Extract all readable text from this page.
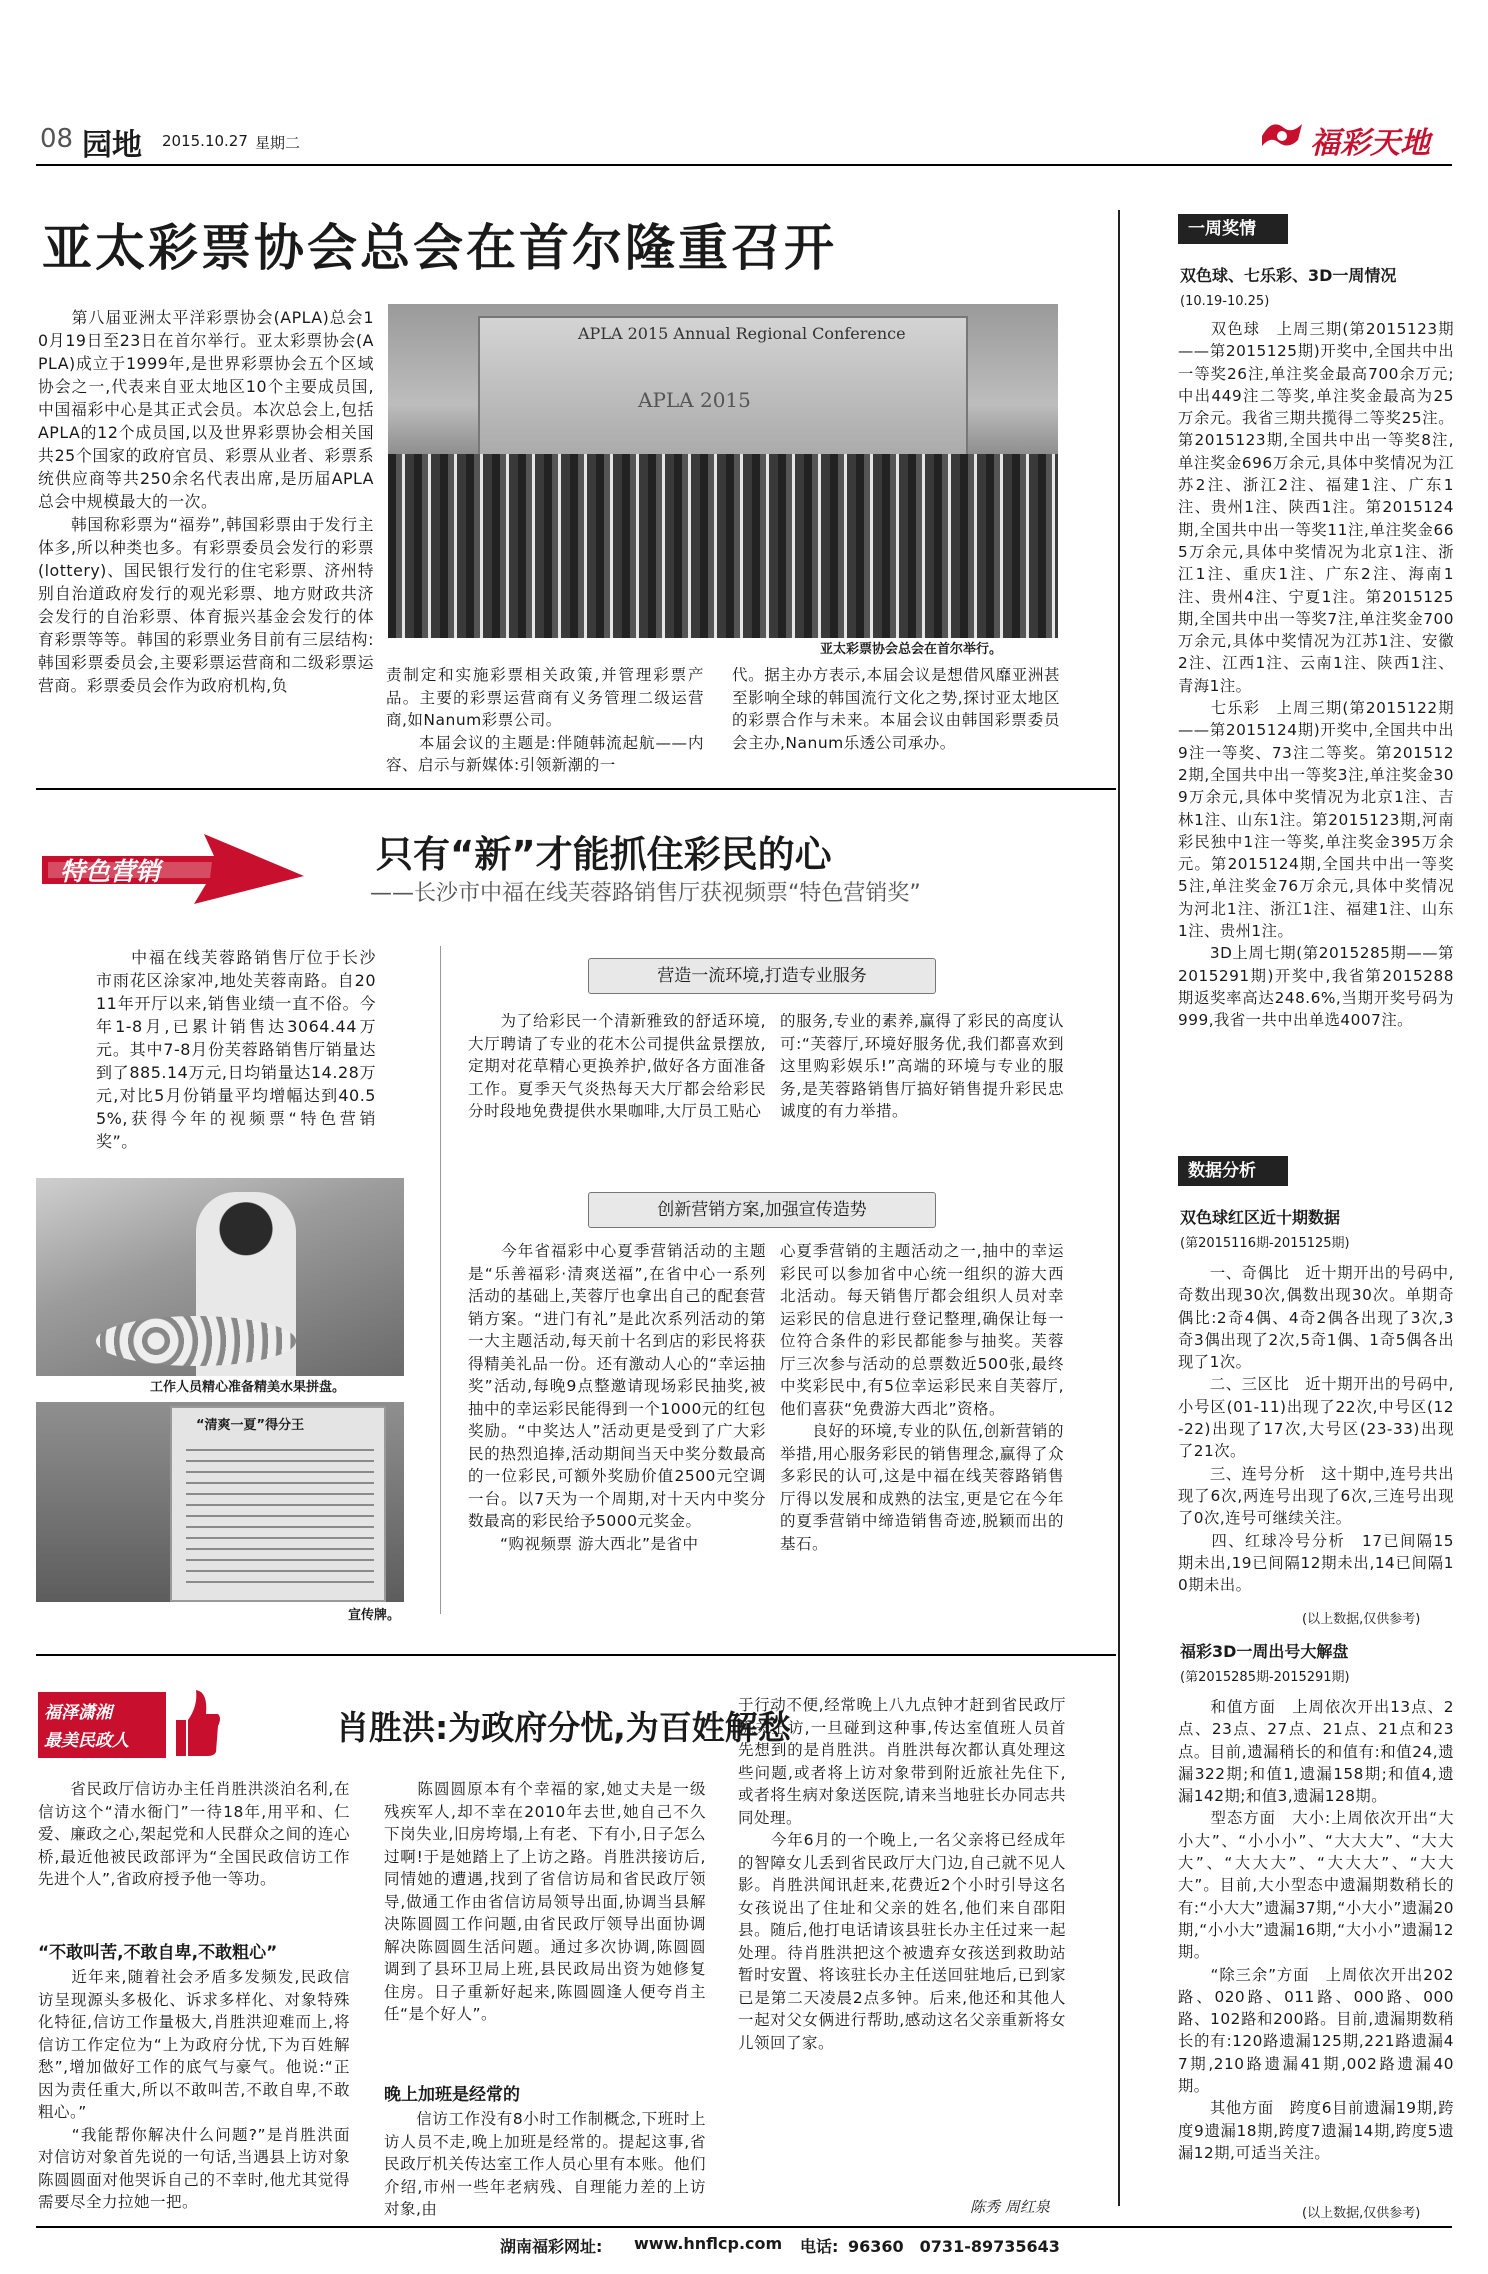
08 园地 2015.10.27 星期二	福彩天地
亚太彩票协会总会在首尔隆重召开
　　第八届亚洲太平洋彩票协会(APLA)总会10月19日至23日在首尔举行。亚太彩票协会(APLA)成立于1999年,是世界彩票协会五个区域协会之一,代表来自亚太地区10个主要成员国,中国福彩中心是其正式会员。本次总会上,包括APLA的12个成员国,以及世界彩票协会相关国共25个国家的政府官员、彩票从业者、彩票系统供应商等共250余名代表出席,是历届APLA总会中规模最大的一次。
　　韩国称彩票为“福券”,韩国彩票由于发行主体多,所以种类也多。有彩票委员会发行的彩票(lottery)、国民银行发行的住宅彩票、济州特别自治道政府发行的观光彩票、地方财政共济会发行的自治彩票、体育振兴基金会发行的体育彩票等等。韩国的彩票业务目前有三层结构:韩国彩票委员会,主要彩票运营商和二级彩票运营商。彩票委员会作为政府机构,负
APLA 2015 Annual Regional Conference
APLA 2015
亚太彩票协会总会在首尔举行。
责制定和实施彩票相关政策,并管理彩票产品。主要的彩票运营商有义务管理二级运营商,如Nanum彩票公司。
　　本届会议的主题是:伴随韩流起航——内容、启示与新媒体:引领新潮的一
代。据主办方表示,本届会议是想借风靡亚洲甚至影响全球的韩国流行文化之势,探讨亚太地区的彩票合作与未来。本届会议由韩国彩票委员会主办,Nanum乐透公司承办。
特色营销	只有“新”才能抓住彩民的心
——长沙市中福在线芙蓉路销售厅获视频票“特色营销奖”
　　中福在线芙蓉路销售厅位于长沙市雨花区涂家冲,地处芙蓉南路。自2011年开厅以来,销售业绩一直不俗。今年1-8月,已累计销售达3064.44万元。其中7-8月份芙蓉路销售厅销量达到了885.14万元,日均销量达14.28万元,对比5月份销量平均增幅达到40.55%,获得今年的视频票“特色营销奖”。
工作人员精心准备精美水果拼盘。
“清爽一夏”得分王
宣传牌。
营造一流环境,打造专业服务
　　为了给彩民一个清新雅致的舒适环境,大厅聘请了专业的花木公司提供盆景摆放,定期对花草精心更换养护,做好各方面准备工作。夏季天气炎热每天大厅都会给彩民分时段地免费提供水果咖啡,大厅员工贴心
的服务,专业的素养,赢得了彩民的高度认可:“芙蓉厅,环境好服务优,我们都喜欢到这里购彩娱乐!”高端的环境与专业的服务,是芙蓉路销售厅搞好销售提升彩民忠诚度的有力举措。
创新营销方案,加强宣传造势
　　今年省福彩中心夏季营销活动的主题是“乐善福彩·清爽送福”,在省中心一系列活动的基础上,芙蓉厅也拿出自己的配套营销方案。“进门有礼”是此次系列活动的第一大主题活动,每天前十名到店的彩民将获得精美礼品一份。还有激动人心的“幸运抽奖”活动,每晚9点整邀请现场彩民抽奖,被抽中的幸运彩民能得到一个1000元的红包奖励。“中奖达人”活动更是受到了广大彩民的热烈追捧,活动期间当天中奖分数最高的一位彩民,可额外奖励价值2500元空调一台。以7天为一个周期,对十天内中奖分数最高的彩民给予5000元奖金。
　　“购视频票 游大西北”是省中
心夏季营销的主题活动之一,抽中的幸运彩民可以参加省中心统一组织的游大西北活动。每天销售厅都会组织人员对幸运彩民的信息进行登记整理,确保让每一位符合条件的彩民都能参与抽奖。芙蓉厅三次参与活动的总票数近500张,最终中奖彩民中,有5位幸运彩民来自芙蓉厅,他们喜获“免费游大西北”资格。
　　良好的环境,专业的队伍,创新营销的举措,用心服务彩民的销售理念,赢得了众多彩民的认可,这是中福在线芙蓉路销售厅得以发展和成熟的法宝,更是它在今年的夏季营销中缔造销售奇迹,脱颖而出的基石。
福泽潇湘
最美民政人	肖胜洪:为政府分忧,为百姓解愁
　　省民政厅信访办主任肖胜洪淡泊名利,在信访这个“清水衙门”一待18年,用平和、仁爱、廉政之心,架起党和人民群众之间的连心桥,最近他被民政部评为“全国民政信访工作先进个人”,省政府授予他一等功。
“不敢叫苦,不敢自卑,不敢粗心”
　　近年来,随着社会矛盾多发频发,民政信访呈现源头多极化、诉求多样化、对象特殊化特征,信访工作量极大,肖胜洪迎难而上,将信访工作定位为“上为政府分忧,下为百姓解愁”,增加做好工作的底气与豪气。他说:“正因为责任重大,所以不敢叫苦,不敢自卑,不敢粗心。”
　　“我能帮你解决什么问题?”是肖胜洪面对信访对象首先说的一句话,当遇县上访对象陈圆圆面对他哭诉自己的不幸时,他尤其觉得需要尽全力拉她一把。
　　陈圆圆原本有个幸福的家,她丈夫是一级残疾军人,却不幸在2010年去世,她自己不久下岗失业,旧房垮塌,上有老、下有小,日子怎么过啊!于是她踏上了上访之路。肖胜洪接访后,同情她的遭遇,找到了省信访局和省民政厅领导,做通工作由省信访局领导出面,协调当县解决陈圆圆工作问题,由省民政厅领导出面协调解决陈圆圆生活问题。通过多次协调,陈圆圆调到了县环卫局上班,县民政局出资为她修复住房。日子重新好起来,陈圆圆逢人便夸肖主任“是个好人”。
晚上加班是经常的
　　信访工作没有8小时工作制概念,下班时上访人员不走,晚上加班是经常的。提起这事,省民政厅机关传达室工作人员心里有本账。他们介绍,市州一些年老病残、自理能力差的上访对象,由
于行动不便,经常晚上八九点钟才赶到省民政厅机关上访,一旦碰到这种事,传达室值班人员首先想到的是肖胜洪。肖胜洪每次都认真处理这些问题,或者将上访对象带到附近旅社先住下,或者将生病对象送医院,请来当地驻长办同志共同处理。
　　今年6月的一个晚上,一名父亲将已经成年的智障女儿丢到省民政厅大门边,自己就不见人影。肖胜洪闻讯赶来,花费近2个小时引导这名女孩说出了住址和父亲的姓名,他们来自邵阳县。随后,他打电话请该县驻长办主任过来一起处理。待肖胜洪把这个被遗弃女孩送到救助站暂时安置、将该驻长办主任送回驻地后,已到家已是第二天凌晨2点多钟。后来,他还和其他人一起对父女俩进行帮助,感动这名父亲重新将女儿领回了家。
陈秀 周红泉
一周奖情
双色球、七乐彩、3D一周情况
(10.19-10.25)
　　双色球　上周三期(第2015123期——第2015125期)开奖中,全国共中出一等奖26注,单注奖金最高700余万元;中出449注二等奖,单注奖金最高为25万余元。我省三期共揽得二等奖25注。第2015123期,全国共中出一等奖8注,单注奖金696万余元,具体中奖情况为江苏2注、浙江2注、福建1注、广东1注、贵州1注、陕西1注。第2015124期,全国共中出一等奖11注,单注奖金665万余元,具体中奖情况为北京1注、浙江1注、重庆1注、广东2注、海南1注、贵州4注、宁夏1注。第2015125期,全国共中出一等奖7注,单注奖金700万余元,具体中奖情况为江苏1注、安徽2注、江西1注、云南1注、陕西1注、青海1注。
　　七乐彩　上周三期(第2015122期——第2015124期)开奖中,全国共中出9注一等奖、73注二等奖。第2015122期,全国共中出一等奖3注,单注奖金309万余元,具体中奖情况为北京1注、吉林1注、山东1注。第2015123期,河南彩民独中1注一等奖,单注奖金395万余元。第2015124期,全国共中出一等奖5注,单注奖金76万余元,具体中奖情况为河北1注、浙江1注、福建1注、山东1注、贵州1注。
　　3D上周七期(第2015285期——第2015291期)开奖中,我省第2015288期返奖率高达248.6%,当期开奖号码为999,我省一共中出单选4007注。
数据分析
双色球红区近十期数据
(第2015116期-2015125期)
　　一、奇偶比　近十期开出的号码中,奇数出现30次,偶数出现30次。单期奇偶比:2奇4偶、4奇2偶各出现了3次,3奇3偶出现了2次,5奇1偶、1奇5偶各出现了1次。
　　二、三区比　近十期开出的号码中,小号区(01-11)出现了22次,中号区(12-22)出现了17次,大号区(23-33)出现了21次。
　　三、连号分析　这十期中,连号共出现了6次,两连号出现了6次,三连号出现了0次,连号可继续关注。
　　四、红球冷号分析　17已间隔15期未出,19已间隔12期未出,14已间隔10期未出。
(以上数据,仅供参考)
福彩3D一周出号大解盘
(第2015285期-2015291期)
　　和值方面　上周依次开出13点、2点、23点、27点、21点、21点和23点。目前,遗漏稍长的和值有:和值24,遗漏322期;和值1,遗漏158期;和值4,遗漏142期;和值3,遗漏128期。
　　型态方面　大小:上周依次开出“大小大”、“小小小”、“大大大”、“大大大”、“大大大”、“大大大”、“大大大”。目前,大小型态中遗漏期数稍长的有:“小大大”遗漏37期,“小大小”遗漏20期,“小小大”遗漏16期,“大小小”遗漏12期。
　　“除三余”方面　上周依次开出202路、020路、011路、000路、000路、102路和200路。目前,遗漏期数稍长的有:120路遗漏125期,221路遗漏47期,210路遗漏41期,002路遗漏40期。
　　其他方面　跨度6目前遗漏19期,跨度9遗漏18期,跨度7遗漏14期,跨度5遗漏12期,可适当关注。
(以上数据,仅供参考)
湖南福彩网址: www.hnflcp.com 电话: 96360　0731-89735643
